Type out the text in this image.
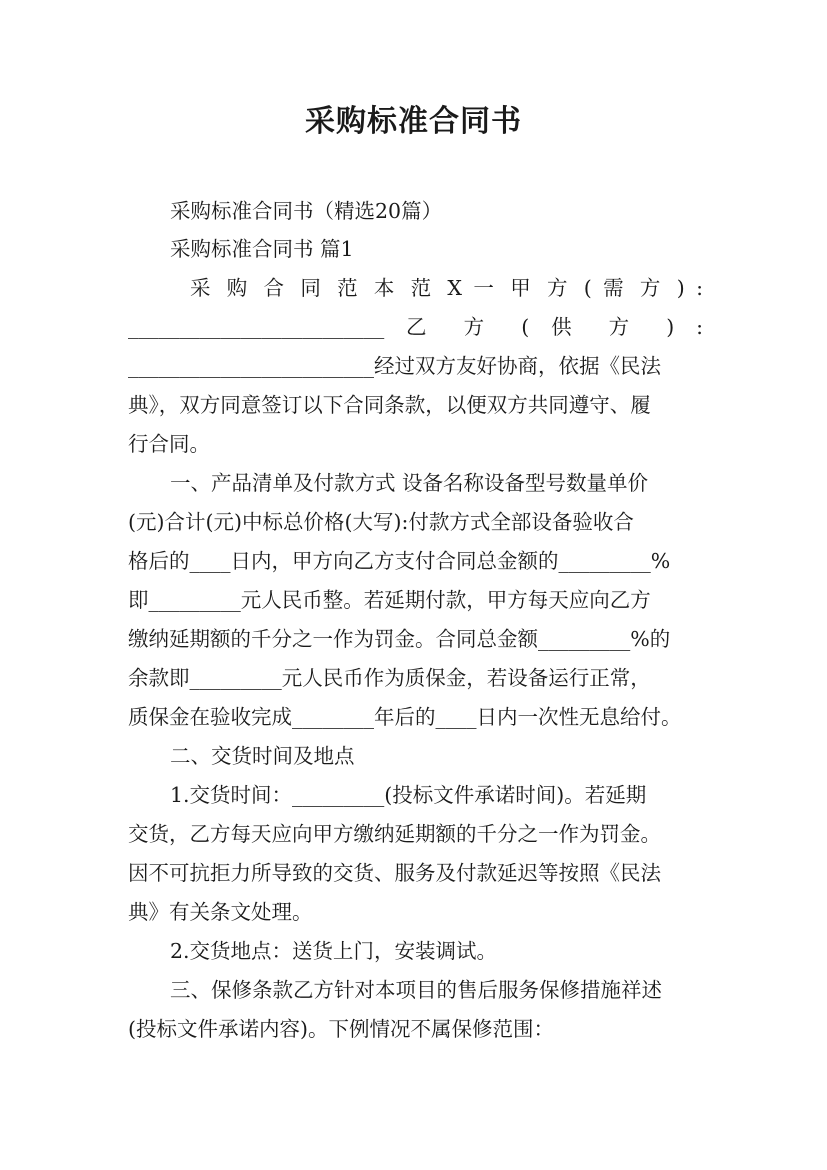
采购标准合同书
采购标准合同书（精选20篇）
采购标准合同书 篇1
采 购 合 同 范 本 范 X 一 甲 方 ( 需 方 ) :
_________________________ 乙 方 ( 供 方 ) :
________________________经过双方友好协商，依据《民法
典》，双方同意签订以下合同条款，以便双方共同遵守、履
行合同。
一、产品清单及付款方式 设备名称设备型号数量单价
(元)合计(元)中标总价格(大写):付款方式全部设备验收合
格后的____日内，甲方向乙方支付合同总金额的_________%
即_________元人民币整。若延期付款，甲方每天应向乙方
缴纳延期额的千分之一作为罚金。合同总金额_________%的
余款即_________元人民币作为质保金，若设备运行正常，
质保金在验收完成________年后的____日内一次性无息给付。
二、交货时间及地点
1.交货时间：_________(投标文件承诺时间)。若延期
交货，乙方每天应向甲方缴纳延期额的千分之一作为罚金。
因不可抗拒力所导致的交货、服务及付款延迟等按照《民法
典》有关条文处理。
2.交货地点：送货上门，安装调试。
三、保修条款乙方针对本项目的售后服务保修措施祥述
(投标文件承诺内容)。下例情况不属保修范围：
